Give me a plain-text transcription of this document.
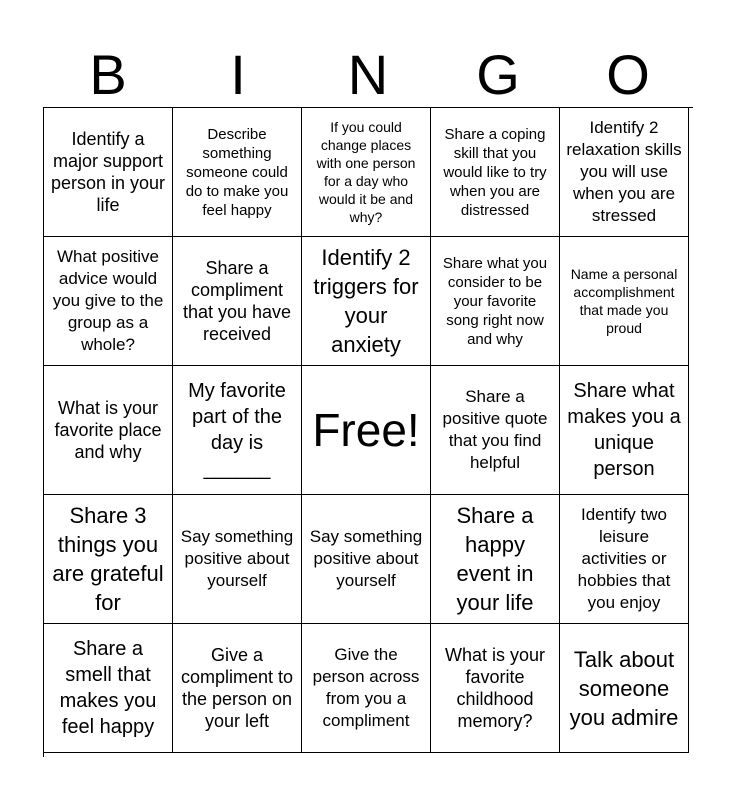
B	I	N	G	O
Identify a major support person in your life
Describe something someone could do to make you feel happy
If you could change places with one person for a day who would it be and why?
Share a coping skill that you would like to try when you are distressed
Identify 2 relaxation skills you will use when you are stressed
What positive advice would you give to the group as a whole?
Share a compliment that you have received
Identify 2 triggers for your anxiety
Share what you consider to be your favorite song right now and why
Name a personal accomplishment that made you proud
What is your favorite place and why
My favorite part of the day is ______
Free!
Share a positive quote that you find helpful
Share what makes you a unique person
Share 3 things you are grateful for
Say something positive about yourself
Say something positive about yourself
Share a happy event in your life
Identify two leisure activities or hobbies that you enjoy
Share a smell that makes you feel happy
Give a compliment to the person on your left
Give the person across from you a compliment
What is your favorite childhood memory?
Talk about someone you admire
